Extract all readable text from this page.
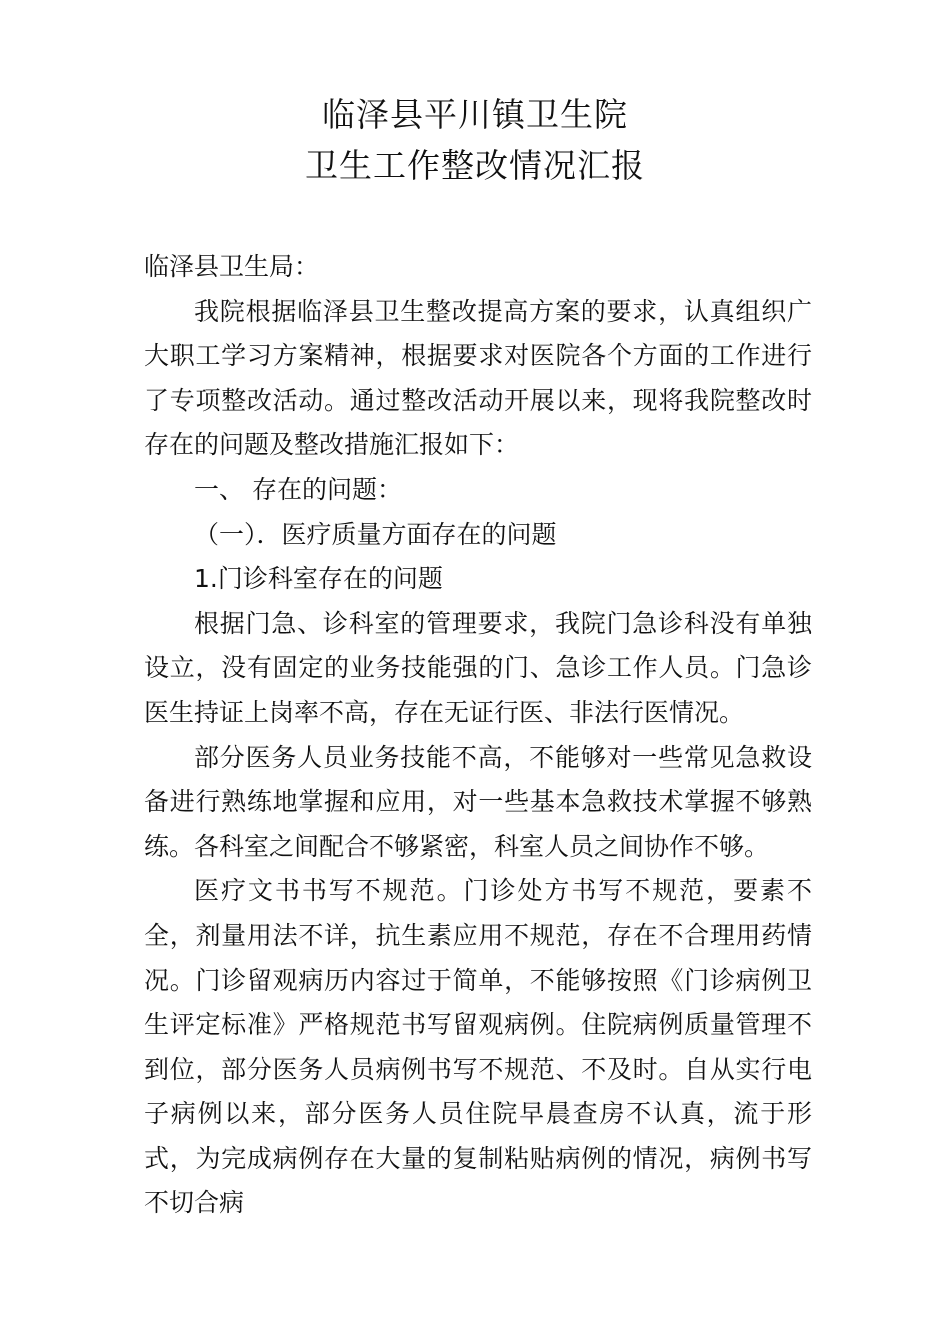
临泽县平川镇卫生院
卫生工作整改情况汇报

临泽县卫生局：

我院根据临泽县卫生整改提高方案的要求，认真组织广大职工学习方案精神，根据要求对医院各个方面的工作进行了专项整改活动。通过整改活动开展以来，现将我院整改时存在的问题及整改措施汇报如下：

一、 存在的问题：

（一）．医疗质量方面存在的问题

1.门诊科室存在的问题

根据门急、诊科室的管理要求，我院门急诊科没有单独设立，没有固定的业务技能强的门、急诊工作人员。门急诊医生持证上岗率不高，存在无证行医、非法行医情况。

部分医务人员业务技能不高，不能够对一些常见急救设备进行熟练地掌握和应用，对一些基本急救技术掌握不够熟练。各科室之间配合不够紧密，科室人员之间协作不够。

医疗文书书写不规范。门诊处方书写不规范，要素不全，剂量用法不详，抗生素应用不规范，存在不合理用药情况。门诊留观病历内容过于简单，不能够按照《门诊病例卫生评定标准》严格规范书写留观病例。住院病例质量管理不到位，部分医务人员病例书写不规范、不及时。自从实行电子病例以来，部分医务人员住院早晨查房不认真，流于形式，为完成病例存在大量的复制粘贴病例的情况，病例书写不切合病
